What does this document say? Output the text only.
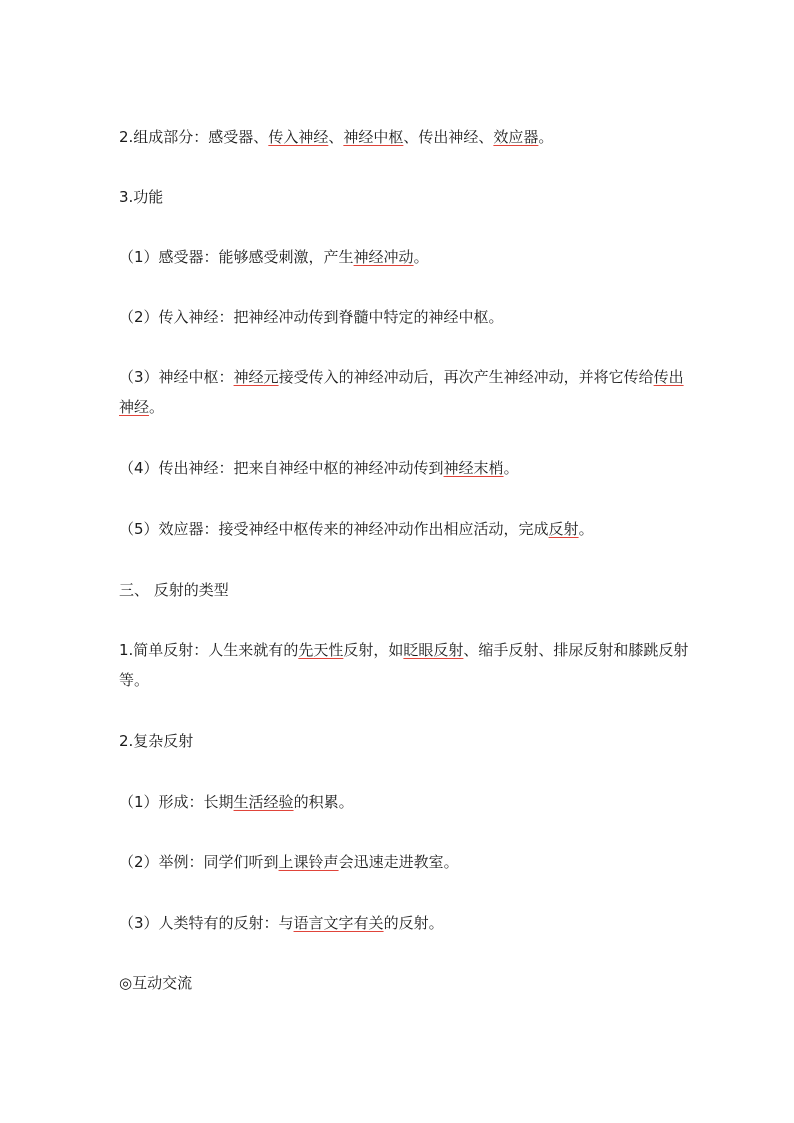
2.组成部分：感受器、传入神经、神经中枢、传出神经、效应器。

3.功能

（1）感受器：能够感受刺激，产生神经冲动。

（2）传入神经：把神经冲动传到脊髓中特定的神经中枢。

（3）神经中枢：神经元接受传入的神经冲动后，再次产生神经冲动，并将它传给传出神经。

（4）传出神经：把来自神经中枢的神经冲动传到神经末梢。

（5）效应器：接受神经中枢传来的神经冲动作出相应活动，完成反射。

三、 反射的类型

1.简单反射：人生来就有的先天性反射，如眨眼反射、缩手反射、排尿反射和膝跳反射等。

2.复杂反射

（1）形成：长期生活经验的积累。

（2）举例：同学们听到上课铃声会迅速走进教室。

（3）人类特有的反射：与语言文字有关的反射。

◎互动交流
